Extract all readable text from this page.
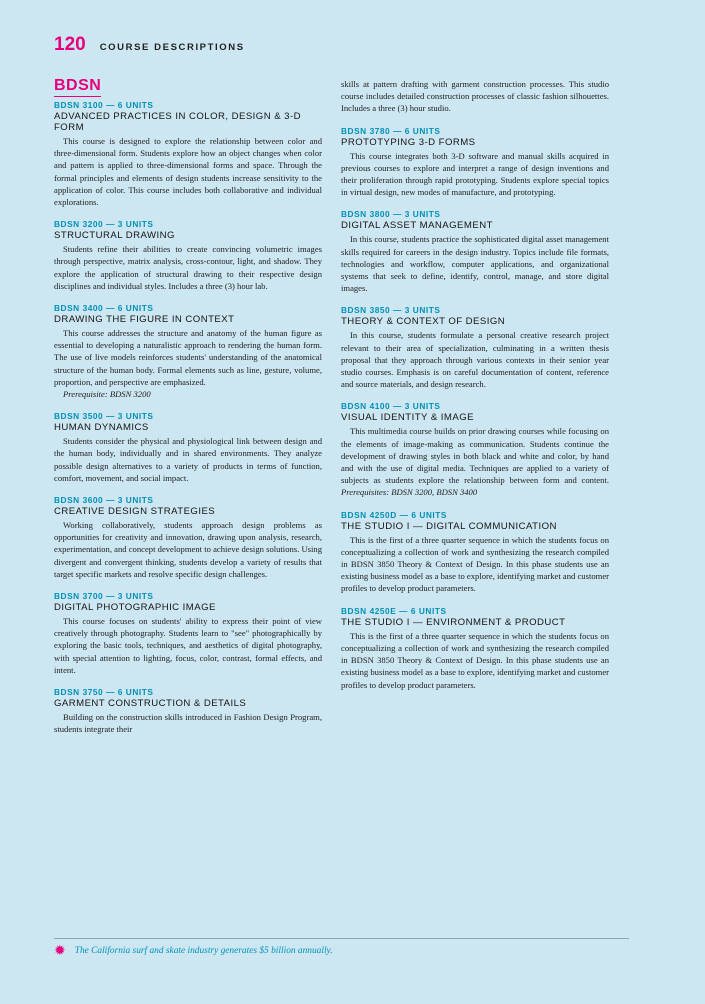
120 COURSE DESCRIPTIONS
BDSN
BDSN 3100 — 6 UNITS
ADVANCED PRACTICES IN COLOR, DESIGN & 3-D FORM
This course is designed to explore the relationship between color and three-dimensional form. Students explore how an object changes when color and pattern is applied to three-dimensional forms and space. Through the formal principles and elements of design students increase sensitivity to the application of color. This course includes both collaborative and individual explorations.
BDSN 3200 — 3 UNITS
STRUCTURAL DRAWING
Students refine their abilities to create convincing volumetric images through perspective, matrix analysis, cross-contour, light, and shadow. They explore the application of structural drawing to their respective design disciplines and individual styles. Includes a three (3) hour lab.
BDSN 3400 — 6 UNITS
DRAWING THE FIGURE IN CONTEXT
This course addresses the structure and anatomy of the human figure as essential to developing a naturalistic approach to rendering the human form. The use of live models reinforces students' understanding of the anatomical structure of the human body. Formal elements such as line, gesture, volume, proportion, and perspective are emphasized.
Prerequisite: BDSN 3200
BDSN 3500 — 3 UNITS
HUMAN DYNAMICS
Students consider the physical and physiological link between design and the human body, individually and in shared environments. They analyze possible design alternatives to a variety of products in terms of function, comfort, movement, and social impact.
BDSN 3600 — 3 UNITS
CREATIVE DESIGN STRATEGIES
Working collaboratively, students approach design problems as opportunities for creativity and innovation, drawing upon analysis, research, experimentation, and concept development to achieve design solutions. Using divergent and convergent thinking, students develop a variety of results that target specific markets and resolve specific design challenges.
BDSN 3700 — 3 UNITS
DIGITAL PHOTOGRAPHIC IMAGE
This course focuses on students' ability to express their point of view creatively through photography. Students learn to "see" photographically by exploring the basic tools, techniques, and aesthetics of digital photography, with special attention to lighting, focus, color, contrast, formal effects, and intent.
BDSN 3750 — 6 UNITS
GARMENT CONSTRUCTION & DETAILS
Building on the construction skills introduced in Fashion Design Program, students integrate their
skills at pattern drafting with garment construction processes. This studio course includes detailed construction processes of classic fashion silhouettes. Includes a three (3) hour studio.
BDSN 3780 — 6 UNITS
PROTOTYPING 3-D FORMS
This course integrates both 3-D software and manual skills acquired in previous courses to explore and interpret a range of design inventions and their proliferation through rapid prototyping. Students explore special topics in virtual design, new modes of manufacture, and prototyping.
BDSN 3800 — 3 UNITS
DIGITAL ASSET MANAGEMENT
In this course, students practice the sophisticated digital asset management skills required for careers in the design industry. Topics include file formats, technologies and workflow, computer applications, and organizational systems that seek to define, identify, control, manage, and store digital images.
BDSN 3850 — 3 UNITS
THEORY & CONTEXT OF DESIGN
In this course, students formulate a personal creative research project relevant to their area of specialization, culminating in a written thesis proposal that they approach through various contexts in their senior year studio courses. Emphasis is on careful documentation of content, reference and source materials, and design research.
BDSN 4100 — 3 UNITS
VISUAL IDENTITY & IMAGE
This multimedia course builds on prior drawing courses while focusing on the elements of image-making as communication. Students continue the development of drawing styles in both black and white and color, by hand and with the use of digital media. Techniques are applied to a variety of subjects as students explore the relationship between form and content. Prerequisites: BDSN 3200, BDSN 3400
BDSN 4250D — 6 UNITS
THE STUDIO I — DIGITAL COMMUNICATION
This is the first of a three quarter sequence in which the students focus on conceptualizing a collection of work and synthesizing the research compiled in BDSN 3850 Theory & Context of Design. In this phase students use an existing business model as a base to explore, identifying market and customer profiles to develop product parameters.
BDSN 4250E — 6 UNITS
THE STUDIO I — ENVIRONMENT & PRODUCT
This is the first of a three quarter sequence in which the students focus on conceptualizing a collection of work and synthesizing the research compiled in BDSN 3850 Theory & Context of Design. In this phase students use an existing business model as a base to explore, identifying market and customer profiles to develop product parameters.
✹ The California surf and skate industry generates $5 billion annually.
